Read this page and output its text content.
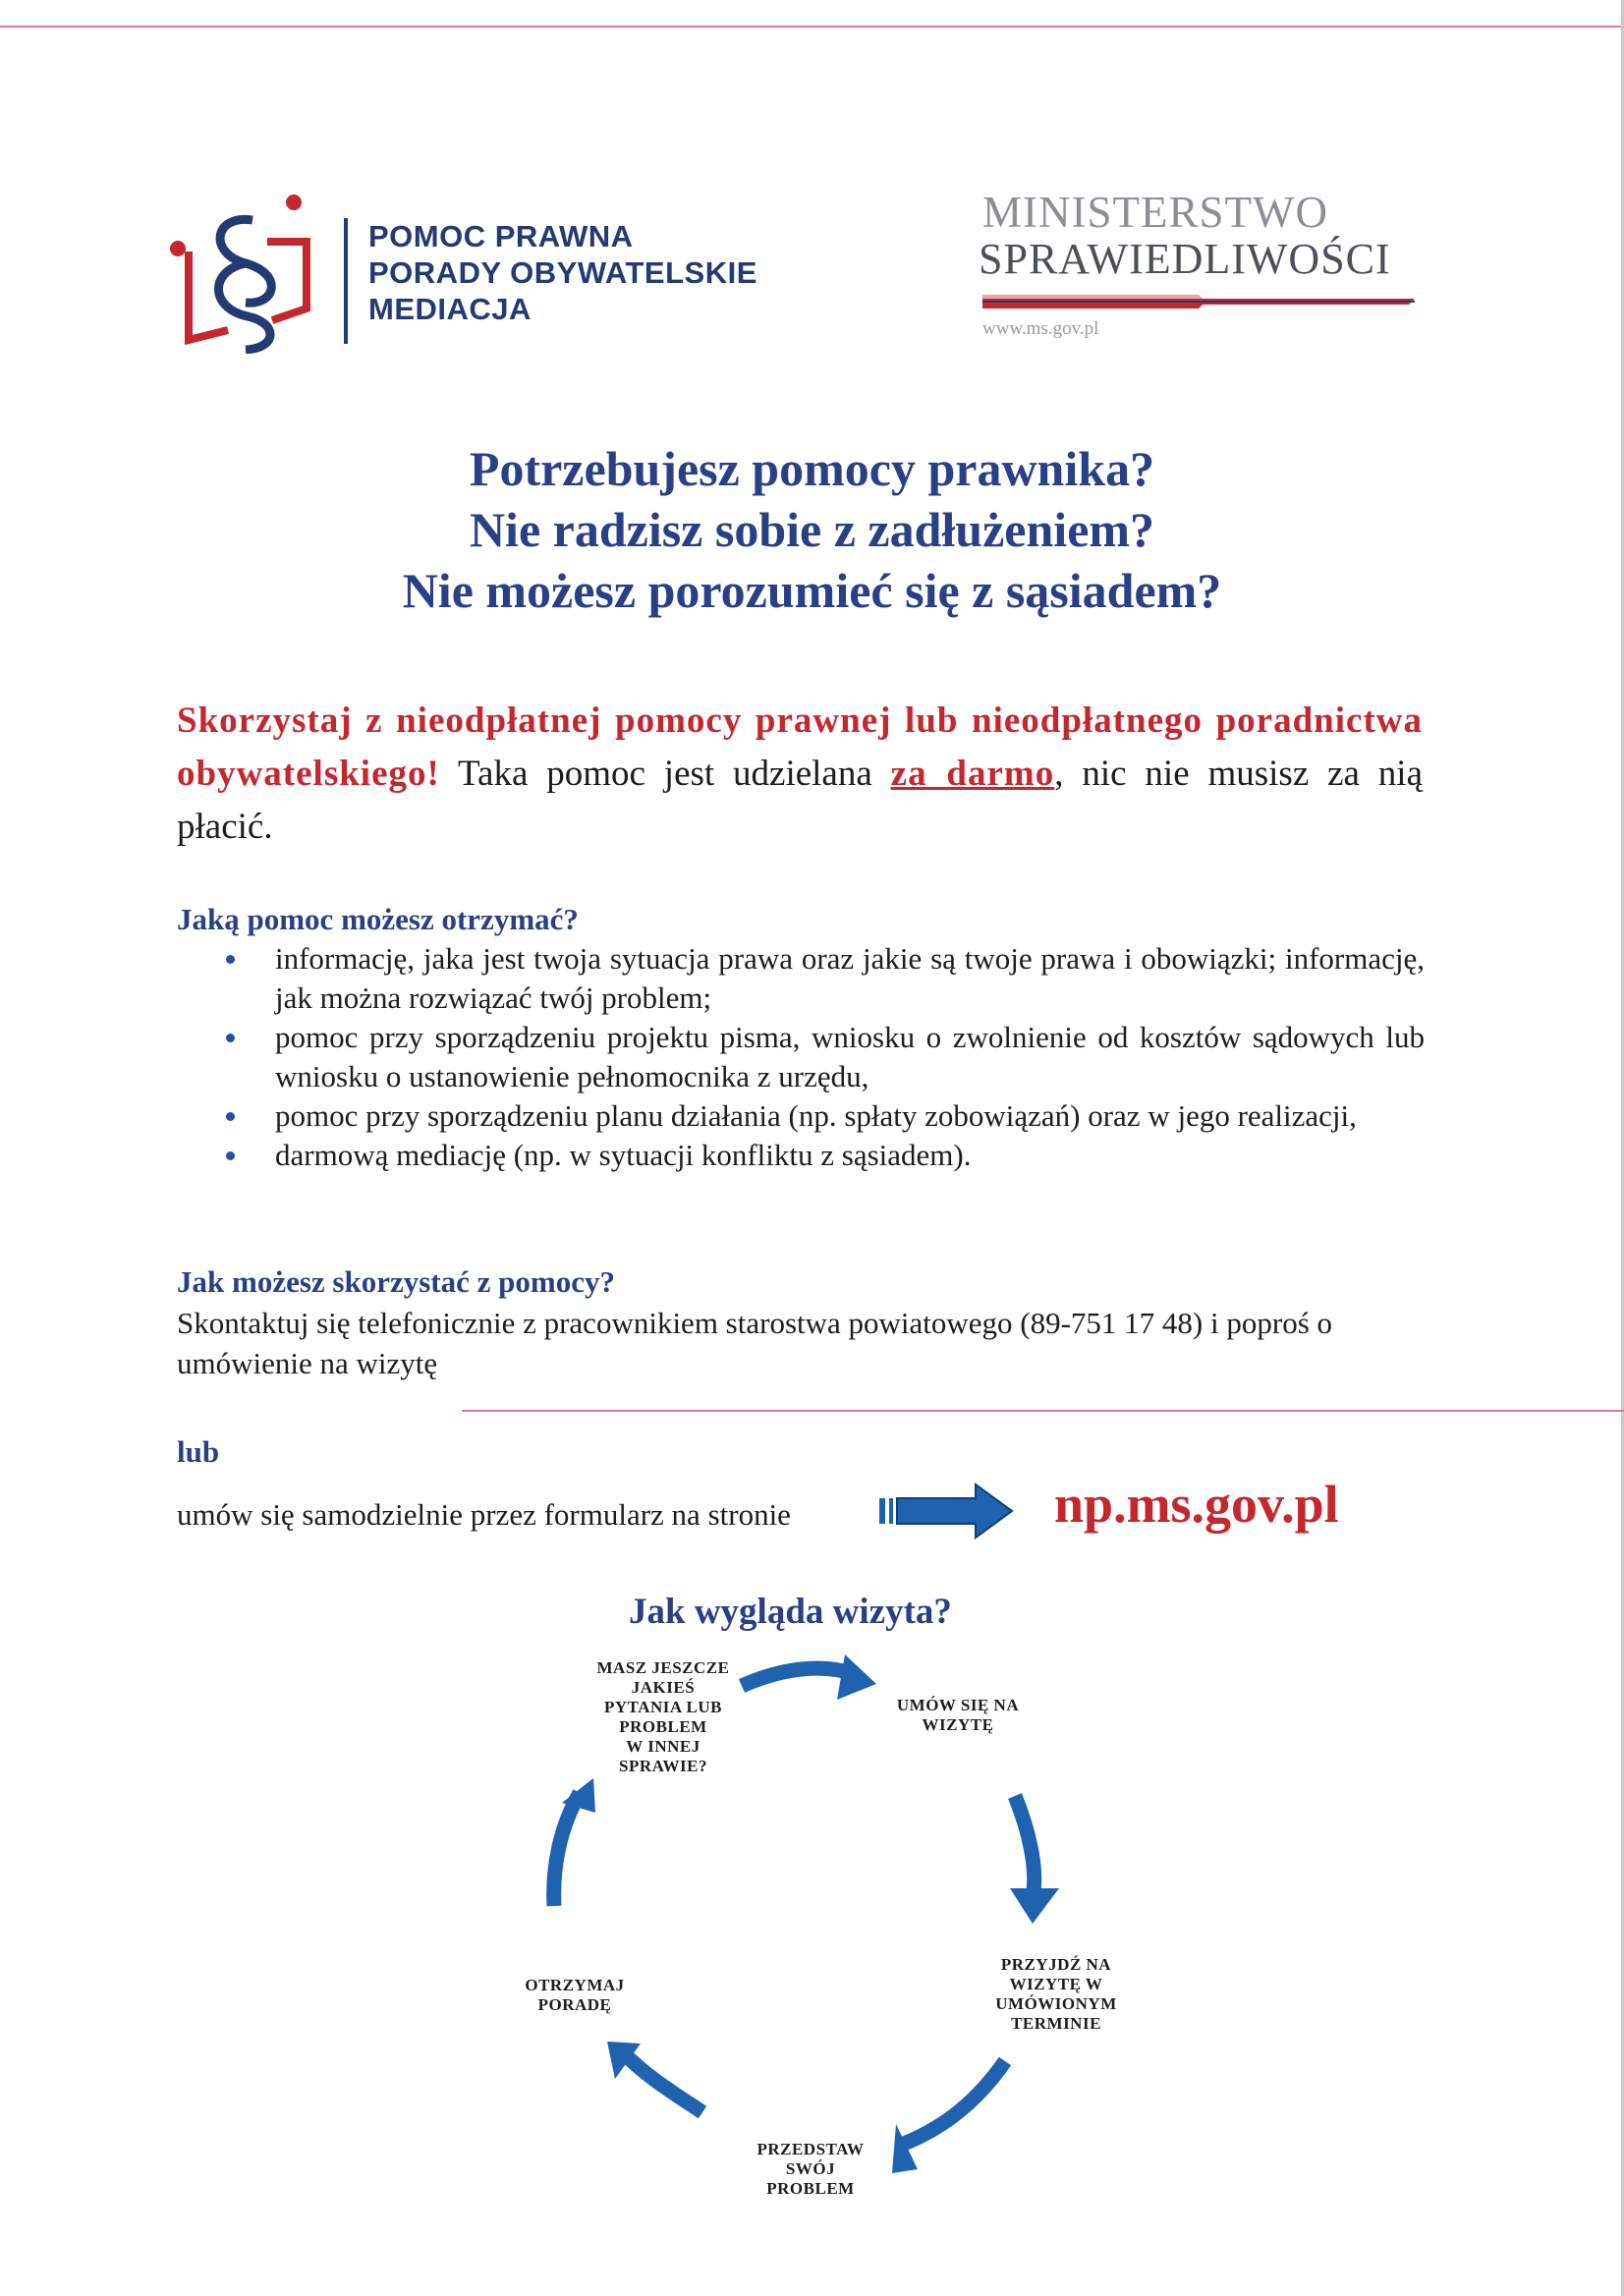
POMOC PRAWNA
PORADY OBYWATELSKIE
MEDIACJA
MINISTERSTWO
SPRAWIEDLIWOŚCI
www.ms.gov.pl
Potrzebujesz pomocy prawnika?
Nie radzisz sobie z zadłużeniem?
Nie możesz porozumieć się z sąsiadem?
Skorzystaj z nieodpłatnej pomocy prawnej lub nieodpłatnego poradnictwa obywatelskiego! Taka pomoc jest udzielana za darmo, nic nie musisz za nią płacić.
Jaką pomoc możesz otrzymać?
informację, jaka jest twoja sytuacja prawa oraz jakie są twoje prawa i obowiązki; informację, jak można rozwiązać twój problem;
pomoc przy sporządzeniu projektu pisma, wniosku o zwolnienie od kosztów sądowych lub wniosku o ustanowienie pełnomocnika z urzędu,
pomoc przy sporządzeniu planu działania (np. spłaty zobowiązań) oraz w jego realizacji,
darmową mediację (np. w sytuacji konfliktu z sąsiadem).
Jak możesz skorzystać z pomocy?
Skontaktuj się telefonicznie z pracownikiem starostwa powiatowego (89-751 17 48) i poproś o umówienie na wizytę
lub
umów się samodzielnie przez formularz na stronie	np.ms.gov.pl
Jak wygląda wizyta?
MASZ JESZCZE
JAKIEŚ
PYTANIA LUB
PROBLEM
W INNEJ
SPRAWIE?
UMÓW SIĘ NA
WIZYTĘ
PRZYJDŹ NA
WIZYTĘ W
UMÓWIONYM
TERMINIE
PRZEDSTAW
SWÓJ
PROBLEM
OTRZYMAJ
PORADĘ
